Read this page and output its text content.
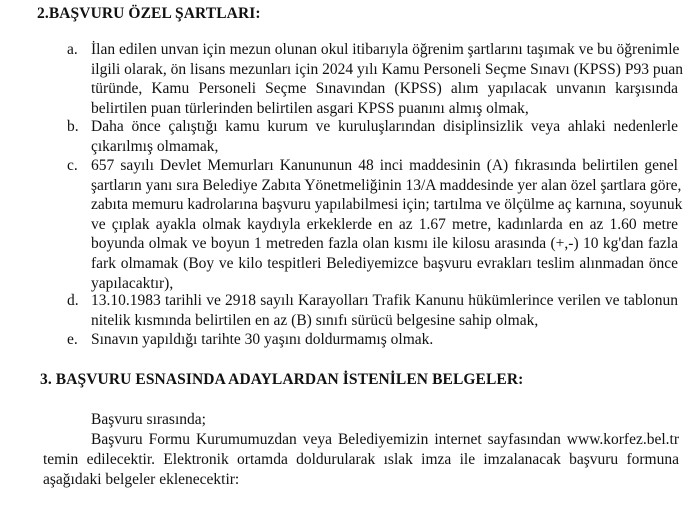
2.BAŞVURU ÖZEL ŞARTLARI:
a. İlan edilen unvan için mezun olunan okul itibarıyla öğrenim şartlarını taşımak ve bu öğrenimle
ilgili olarak, ön lisans mezunları için 2024 yılı Kamu Personeli Seçme Sınavı (KPSS) P93 puan
türünde, Kamu Personeli Seçme Sınavından (KPSS) alım yapılacak unvanın karşısında
belirtilen puan türlerinden belirtilen asgari KPSS puanını almış olmak,
b. Daha önce çalıştığı kamu kurum ve kuruluşlarından disiplinsizlik veya ahlaki nedenlerle
çıkarılmış olmamak,
c. 657 sayılı Devlet Memurları Kanununun 48 inci maddesinin (A) fıkrasında belirtilen genel
şartların yanı sıra Belediye Zabıta Yönetmeliğinin 13/A maddesinde yer alan özel şartlara göre,
zabıta memuru kadrolarına başvuru yapılabilmesi için; tartılma ve ölçülme aç karnına, soyunuk
ve çıplak ayakla olmak kaydıyla erkeklerde en az 1.67 metre, kadınlarda en az 1.60 metre
boyunda olmak ve boyun 1 metreden fazla olan kısmı ile kilosu arasında (+,-) 10 kg'dan fazla
fark olmamak (Boy ve kilo tespitleri Belediyemizce başvuru evrakları teslim alınmadan önce
yapılacaktır),
d. 13.10.1983 tarihli ve 2918 sayılı Karayolları Trafik Kanunu hükümlerince verilen ve tablonun
nitelik kısmında belirtilen en az (B) sınıfı sürücü belgesine sahip olmak,
e. Sınavın yapıldığı tarihte 30 yaşını doldurmamış olmak.
3. BAŞVURU ESNASINDA ADAYLARDAN İSTENİLEN BELGELER:
Başvuru sırasında;
Başvuru Formu Kurumumuzdan veya Belediyemizin internet sayfasından www.korfez.bel.tr
temin edilecektir. Elektronik ortamda doldurularak ıslak imza ile imzalanacak başvuru formuna
aşağıdaki belgeler eklenecektir:
